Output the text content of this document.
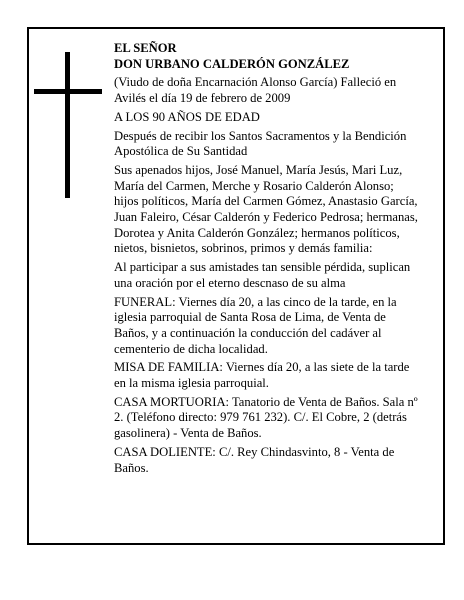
EL SEÑOR

DON URBANO CALDERÓN GONZÁLEZ

(Viudo de doña Encarnación Alonso García) Falleció en Avilés el día 19 de febrero de 2009

A LOS 90 AÑOS DE EDAD

Después de recibir los Santos Sacramentos y la Bendición Apostólica de Su Santidad

Sus apenados hijos, José Manuel, María Jesús, Mari Luz, María del Carmen, Merche y Rosario Calderón Alonso; hijos políticos, María del Carmen Gómez, Anastasio García, Juan Faleiro, César Calderón y Federico Pedrosa; hermanas, Dorotea y Anita Calderón González; hermanos políticos, nietos, bisnietos, sobrinos, primos y demás familia:

Al participar a sus amistades tan sensible pérdida, suplican una oración por el eterno descnaso de su alma

FUNERAL: Viernes día 20, a las cinco de la tarde, en la iglesia parroquial de Santa Rosa de Lima, de Venta de Baños, y a continuación la conducción del cadáver al cementerio de dicha localidad.

MISA DE FAMILIA: Viernes día 20, a las siete de la tarde en la misma iglesia parroquial.

CASA MORTUORIA: Tanatorio de Venta de Baños. Sala nº 2. (Teléfono directo: 979 761 232). C/. El Cobre, 2 (detrás gasolinera) - Venta de Baños.

CASA DOLIENTE: C/. Rey Chindasvinto, 8 - Venta de Baños.
